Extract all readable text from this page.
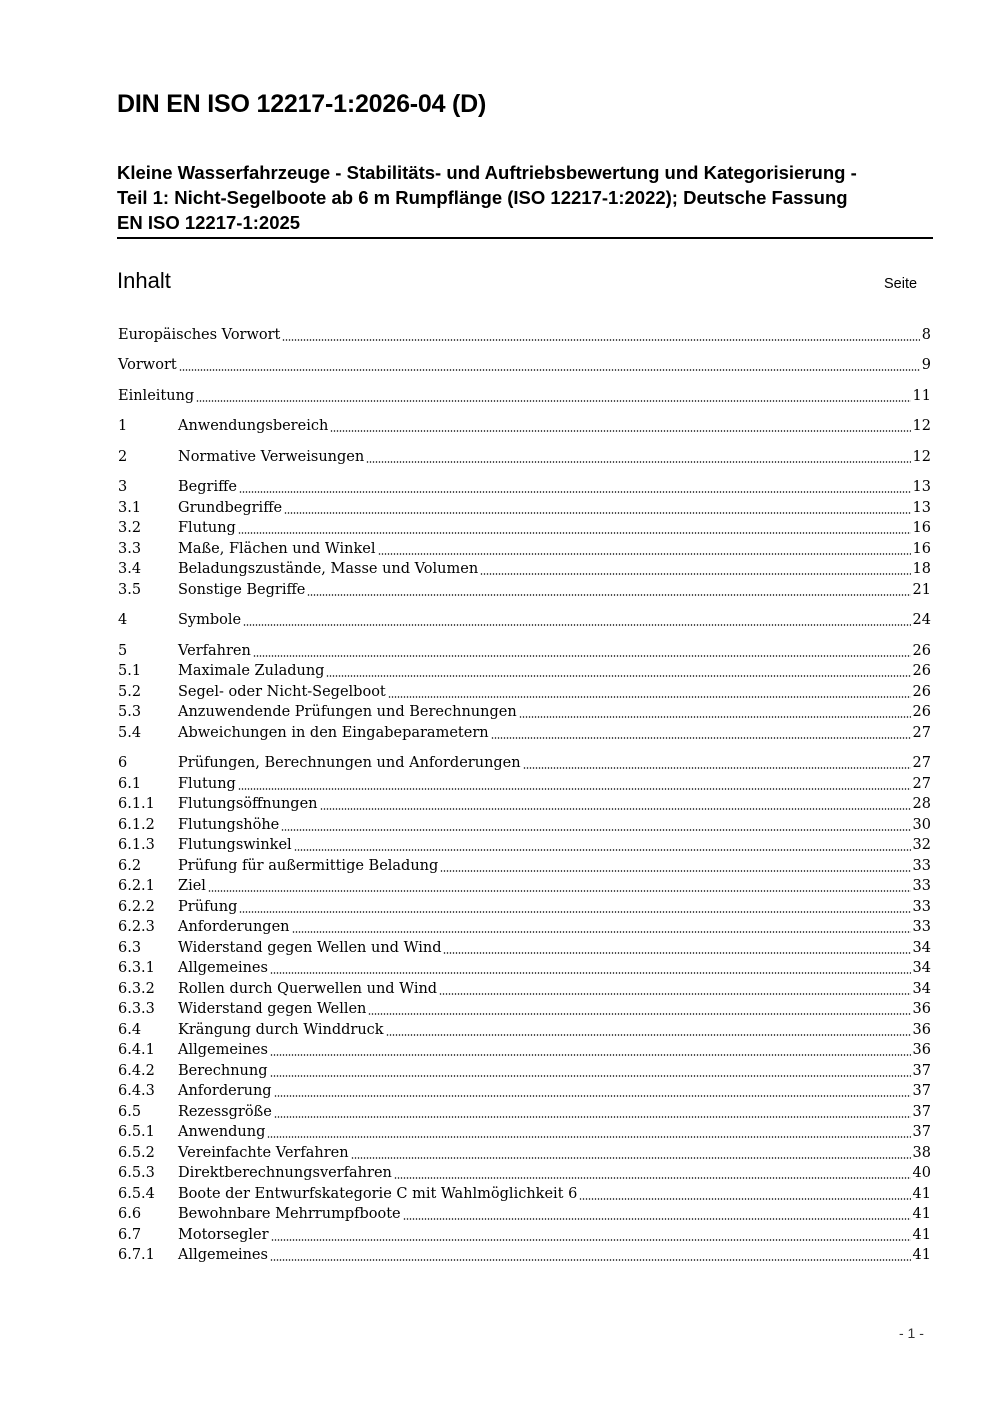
DIN EN ISO 12217-1:2026-04 (D)
Kleine Wasserfahrzeuge - Stabilitäts- und Auftriebsbewertung und Kategorisierung -
Teil 1: Nicht-Segelboote ab 6 m Rumpflänge (ISO 12217-1:2022); Deutsche Fassung
EN ISO 12217-1:2025
Inhalt	Seite
Europäisches Vorwort	8
Vorwort	9
Einleitung	11
1	Anwendungsbereich	12
2	Normative Verweisungen	12
3	Begriffe	13
3.1	Grundbegriffe	13
3.2	Flutung	16
3.3	Maße, Flächen und Winkel	16
3.4	Beladungszustände, Masse und Volumen	18
3.5	Sonstige Begriffe	21
4	Symbole	24
5	Verfahren	26
5.1	Maximale Zuladung	26
5.2	Segel- oder Nicht-Segelboot	26
5.3	Anzuwendende Prüfungen und Berechnungen	26
5.4	Abweichungen in den Eingabeparametern	27
6	Prüfungen, Berechnungen und Anforderungen	27
6.1	Flutung	27
6.1.1	Flutungsöffnungen	28
6.1.2	Flutungshöhe	30
6.1.3	Flutungswinkel	32
6.2	Prüfung für außermittige Beladung	33
6.2.1	Ziel	33
6.2.2	Prüfung	33
6.2.3	Anforderungen	33
6.3	Widerstand gegen Wellen und Wind	34
6.3.1	Allgemeines	34
6.3.2	Rollen durch Querwellen und Wind	34
6.3.3	Widerstand gegen Wellen	36
6.4	Krängung durch Winddruck	36
6.4.1	Allgemeines	36
6.4.2	Berechnung	37
6.4.3	Anforderung	37
6.5	Rezessgröße	37
6.5.1	Anwendung	37
6.5.2	Vereinfachte Verfahren	38
6.5.3	Direktberechnungsverfahren	40
6.5.4	Boote der Entwurfskategorie C mit Wahlmöglichkeit 6	41
6.6	Bewohnbare Mehrrumpfboote	41
6.7	Motorsegler	41
6.7.1	Allgemeines	41
- 1 -
